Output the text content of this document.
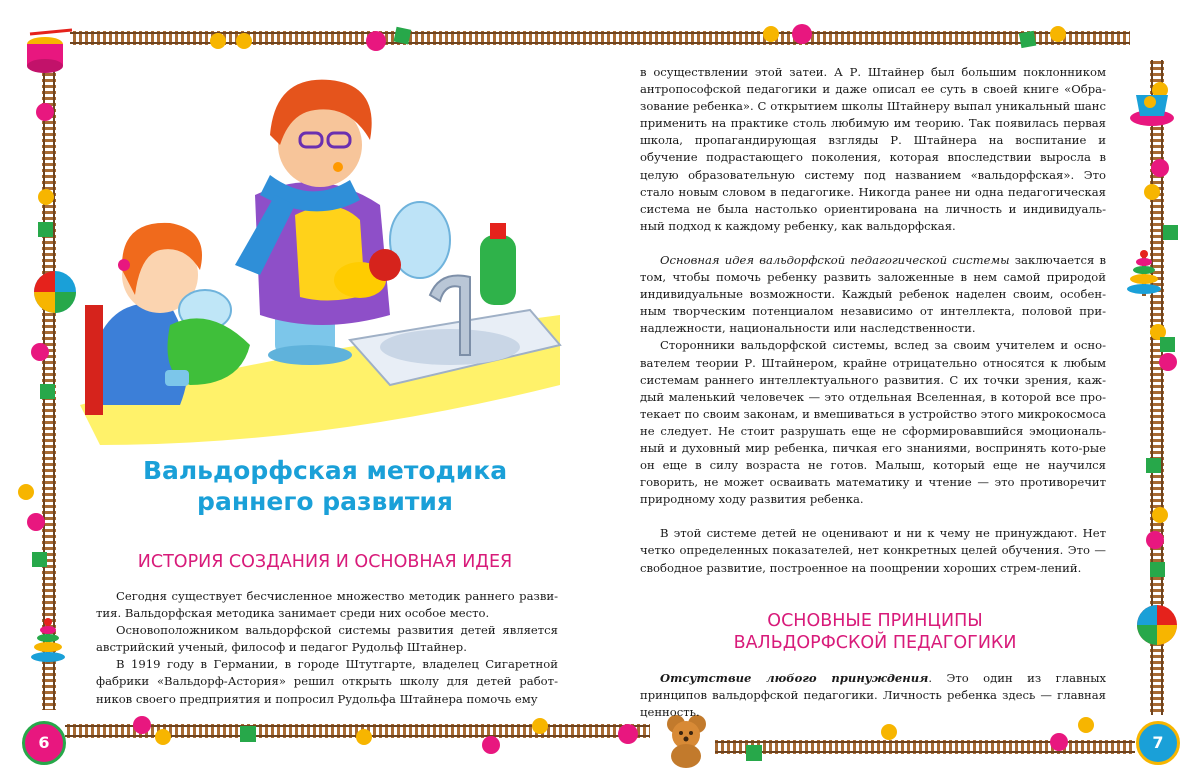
Вальдорфская методика
раннего развития
ИСТОРИЯ СОЗДАНИЯ И ОСНОВНАЯ ИДЕЯ

Сегодня существует бесчисленное множество методик раннего разви-тия. Вальдорфская методика занимает среди них особое место.

Основоположником вальдорфской системы развития детей является австрийский ученый, философ и педагог Рудольф Штайнер.

В 1919 году в Германии, в городе Штутгарте, владелец Сигаретной фабрики «Вальдорф-Астория» решил открыть школу для детей работ-ников своего предприятия и попросил Рудольфа Штайнера помочь ему

в осуществлении этой затеи. А Р. Штайнер был большим поклонником антропософской педагогики и даже описал ее суть в своей книге «Обра-зование ребенка». С открытием школы Штайнеру выпал уникальный шанс применить на практике столь любимую им теорию. Так появилась первая школа, пропагандирующая взгляды Р. Штайнера на воспитание и обучение подрастающего поколения, которая впоследствии выросла в целую образовательную систему под названием «вальдорфская». Это стало новым словом в педагогике. Никогда ранее ни одна педагогическая система не была настолько ориентирована на личность и индивидуаль-ный подход к каждому ребенку, как вальдорфская.

Основная идея вальдорфской педагогической системы заключается в том, чтобы помочь ребенку развить заложенные в нем самой природой индивидуальные возможности. Каждый ребенок наделен своим, особен-ным творческим потенциалом независимо от интеллекта, половой при-надлежности, национальности или наследственности.

Сторонники вальдорфской системы, вслед за своим учителем и осно-вателем теории Р. Штайнером, крайне отрицательно относятся к любым системам раннего интеллектуального развития. С их точки зрения, каж-дый маленький человечек — это отдельная Вселенная, в которой все про-текает по своим законам, и вмешиваться в устройство этого микрокосмоса не следует. Не стоит разрушать еще не сформировавшийся эмоциональ-ный и духовный мир ребенка, пичкая его знаниями, воспринять кото-рые он еще в силу возраста не готов. Малыш, который еще не научился говорить, не может осваивать математику и чтение — это противоречит природному ходу развития ребенка.

В этой системе детей не оценивают и ни к чему не принуждают. Нет четко определенных показателей, нет конкретных целей обучения. Это — свободное развитие, построенное на поощрении хороших стрем-лений.

ОСНОВНЫЕ ПРИНЦИПЫ
ВАЛЬДОРФСКОЙ ПЕДАГОГИКИ

Отсутствие любого принуждения. Это один из главных принципов вальдорфской педагогики. Личность ребенка здесь — главная ценность.

6	7
